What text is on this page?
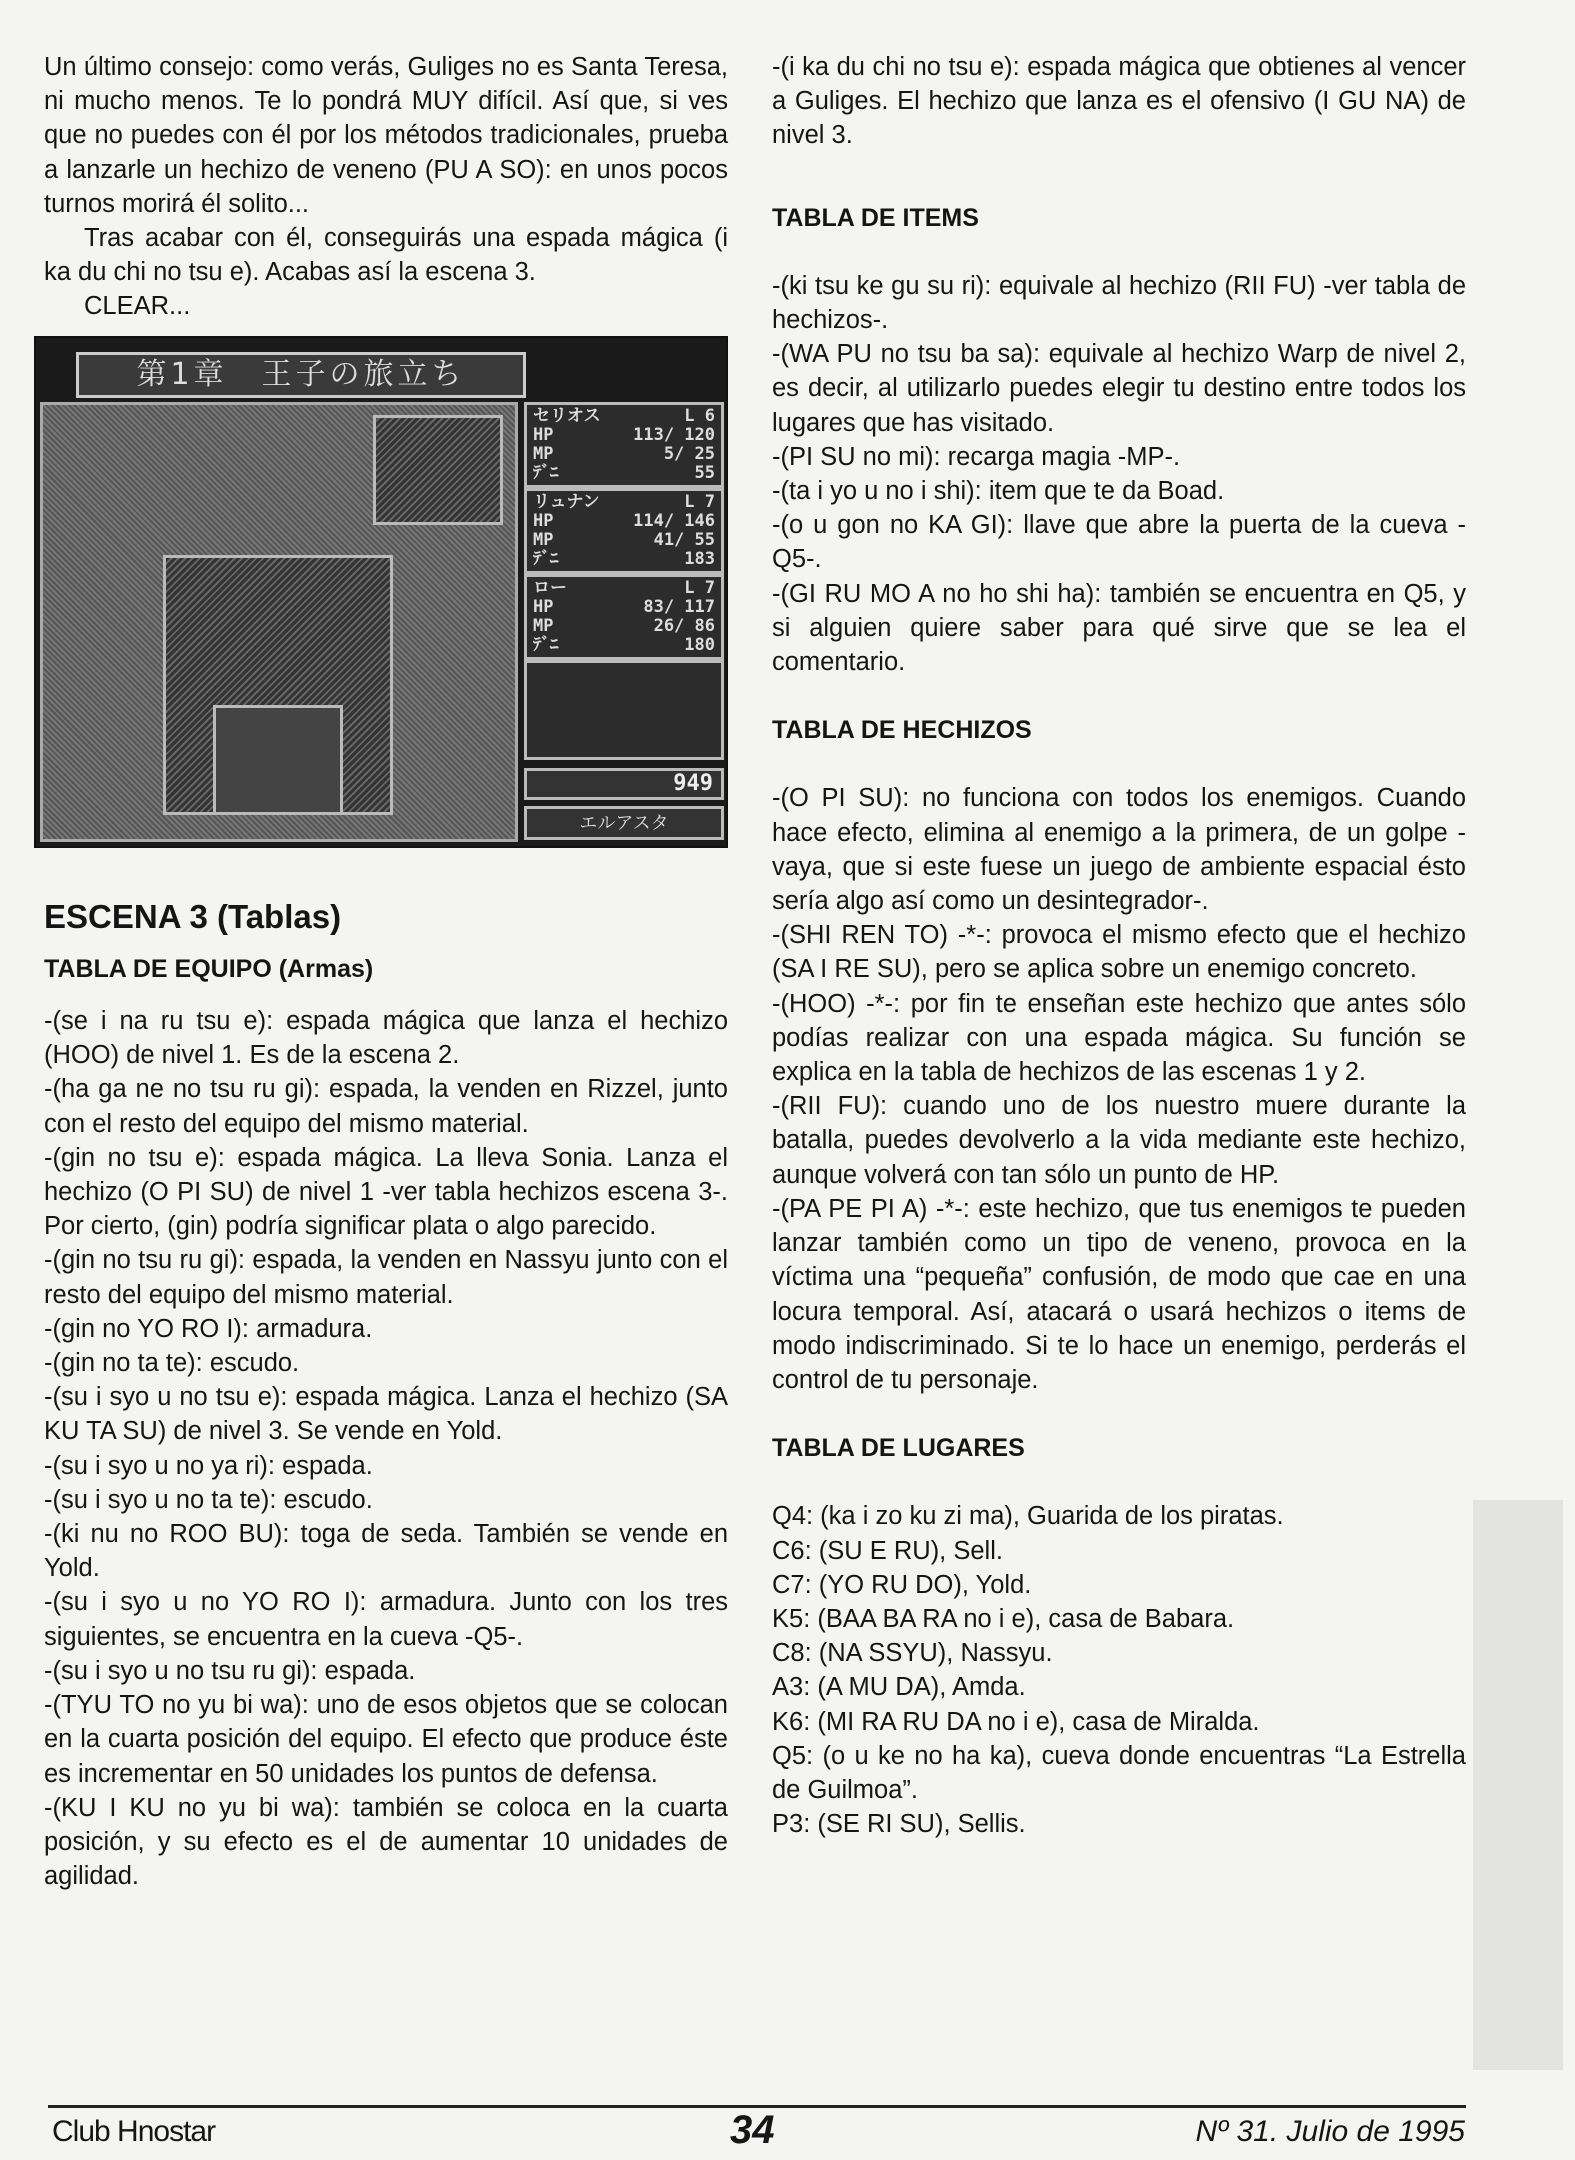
Un último consejo: como verás, Guliges no es Santa Teresa, ni mucho menos. Te lo pondrá MUY difícil. Así que, si ves que no puedes con él por los métodos tradicionales, prueba a lanzarle un hechizo de veneno (PU A SO): en unos pocos turnos morirá él solito...

Tras acabar con él, conseguirás una espada mágica (i ka du chi no tsu e). Acabas así la escena 3.

CLEAR...

第1章　王子の旅立ち
セリオス	L 6
HP	113/ 120
MP	5/ 25
ﾃﾞﾆ	55
リュナン	L 7
HP	114/ 146
MP	41/ 55
ﾃﾞﾆ	183
ロー	L 7
HP	83/ 117
MP	26/ 86
ﾃﾞﾆ	180
949
エルアスタ
ESCENA 3 (Tablas)
TABLA DE EQUIPO (Armas)

-(se i na ru tsu e): espada mágica que lanza el hechizo (HOO) de nivel 1. Es de la escena 2.

-(ha ga ne no tsu ru gi): espada, la venden en Rizzel, junto con el resto del equipo del mismo material.

-(gin no tsu e): espada mágica. La lleva Sonia. Lanza el hechizo (O PI SU) de nivel 1 -ver tabla hechizos escena 3-. Por cierto, (gin) podría significar plata o algo parecido.

-(gin no tsu ru gi): espada, la venden en Nassyu junto con el resto del equipo del mismo material.

-(gin no YO RO I): armadura.

-(gin no ta te): escudo.

-(su i syo u no tsu e): espada mágica. Lanza el hechizo (SA KU TA SU) de nivel 3. Se vende en Yold.

-(su i syo u no ya ri): espada.

-(su i syo u no ta te): escudo.

-(ki nu no ROO BU): toga de seda. También se vende en Yold.

-(su i syo u no YO RO I): armadura. Junto con los tres siguientes, se encuentra en la cueva -Q5-.

-(su i syo u no tsu ru gi): espada.

-(TYU TO no yu bi wa): uno de esos objetos que se colocan en la cuarta posición del equipo. El efecto que produce éste es incrementar en 50 unidades los puntos de defensa.

-(KU I KU no yu bi wa): también se coloca en la cuarta posición, y su efecto es el de aumentar 10 unidades de agilidad.

-(i ka du chi no tsu e): espada mágica que obtienes al vencer a Guliges. El hechizo que lanza es el ofensivo (I GU NA) de nivel 3.

TABLA DE ITEMS

-(ki tsu ke gu su ri): equivale al hechizo (RII FU) -ver tabla de hechizos-.

-(WA PU no tsu ba sa): equivale al hechizo Warp de nivel 2, es decir, al utilizarlo puedes elegir tu destino entre todos los lugares que has visitado.

-(PI SU no mi): recarga magia -MP-.

-(ta i yo u no i shi): item que te da Boad.

-(o u gon no KA GI): llave que abre la puerta de la cueva -Q5-.

-(GI RU MO A no ho shi ha): también se encuentra en Q5, y si alguien quiere saber para qué sirve que se lea el comentario.

TABLA DE HECHIZOS

-(O PI SU): no funciona con todos los enemigos. Cuando hace efecto, elimina al enemigo a la primera, de un golpe -vaya, que si este fuese un juego de ambiente espacial ésto sería algo así como un desintegrador-.

-(SHI REN TO) -*-: provoca el mismo efecto que el hechizo (SA I RE SU), pero se aplica sobre un enemigo concreto.

-(HOO) -*-: por fin te enseñan este hechizo que antes sólo podías realizar con una espada mágica. Su función se explica en la tabla de hechizos de las escenas 1 y 2.

-(RII FU): cuando uno de los nuestro muere durante la batalla, puedes devolverlo a la vida mediante este hechizo, aunque volverá con tan sólo un punto de HP.

-(PA PE PI A) -*-: este hechizo, que tus enemigos te pueden lanzar también como un tipo de veneno, provoca en la víctima una “pequeña” confusión, de modo que cae en una locura temporal. Así, atacará o usará hechizos o items de modo indiscriminado. Si te lo hace un enemigo, perderás el control de tu personaje.

TABLA DE LUGARES

Q4: (ka i zo ku zi ma), Guarida de los piratas.

C6: (SU E RU), Sell.

C7: (YO RU DO), Yold.

K5: (BAA BA RA no i e), casa de Babara.

C8: (NA SSYU), Nassyu.

A3: (A MU DA), Amda.

K6: (MI RA RU DA no i e), casa de Miralda.

Q5: (o u ke no ha ka), cueva donde encuentras “La Estrella de Guilmoa”.

P3: (SE RI SU), Sellis.

Club Hnostar	34	Nº 31. Julio de 1995
